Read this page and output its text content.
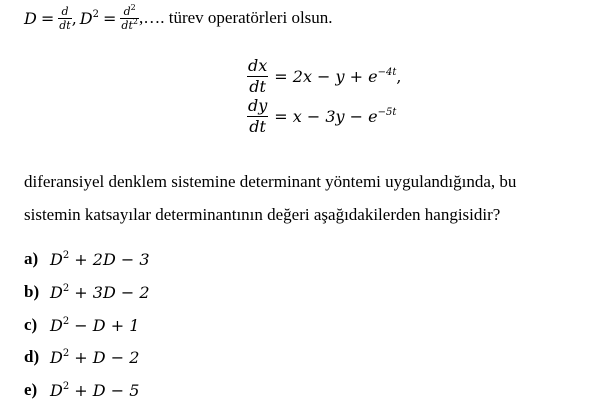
$D = \frac{d}{dt}$ , $D^2 = \frac{d^2}{dt^2}$ ,…. türev operatörleri olsun.
$\frac{dx}{dt} = 2x - y + e^{-4t}$,
$\frac{dy}{dt} = x - 3y - e^{-5t}$
diferansiyel denklem sistemine determinant yöntemi uygulandığında, bu
sistemin katsayılar determinantının değeri aşağıdakilerden hangisidir?
a) $D^2 + 2D - 3$
b) $D^2 + 3D - 2$
c) $D^2 - D + 1$
d) $D^2 + D - 2$
e) $D^2 + D - 5$
